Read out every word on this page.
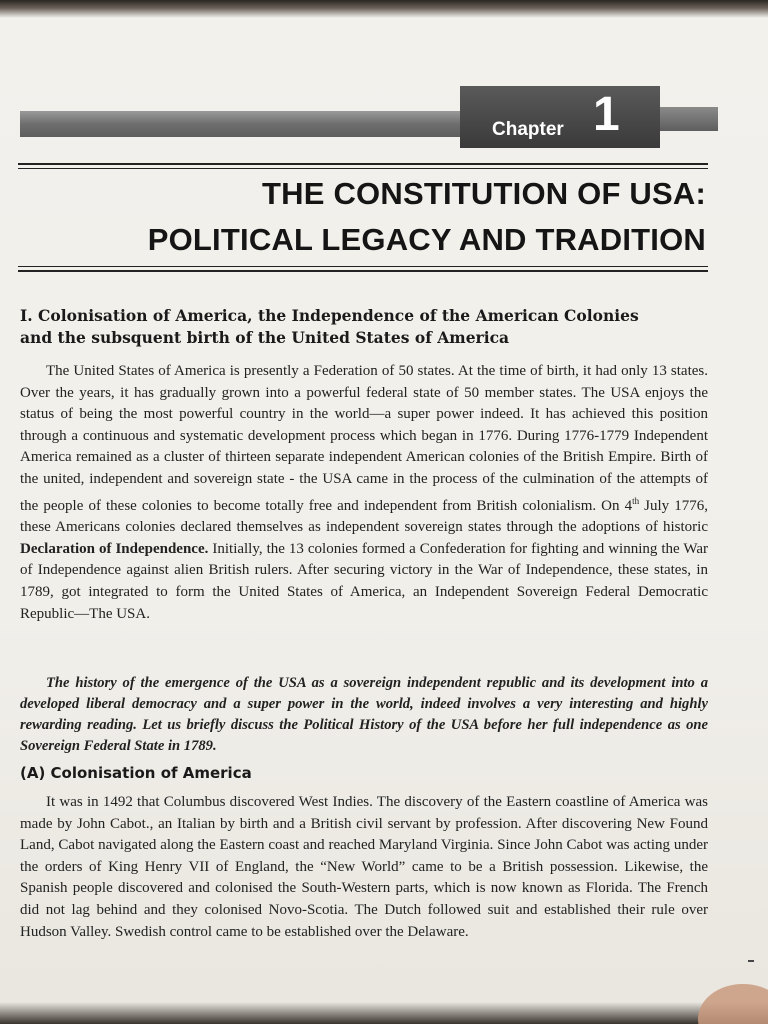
Chapter 1
THE CONSTITUTION OF USA:
POLITICAL LEGACY AND TRADITION
I. Colonisation of America, the Independence of the American Colonies
and the subsquent birth of the United States of America

The United States of America is presently a Federation of 50 states. At the time of birth, it had only 13 states. Over the years, it has gradually grown into a powerful federal state of 50 member states. The USA enjoys the status of being the most powerful country in the world—a super power indeed. It has achieved this position through a continuous and systematic development process which began in 1776. During 1776-1779 Independent America remained as a cluster of thirteen separate independent American colonies of the British Empire. Birth of the united, independent and sovereign state - the USA came in the process of the culmination of the attempts of the people of these colonies to become totally free and independent from British colonialism. On 4th July 1776, these Americans colonies declared themselves as independent sovereign states through the adoptions of historic Declaration of Independence. Initially, the 13 colonies formed a Confederation for fighting and winning the War of Independence against alien British rulers. After securing victory in the War of Independence, these states, in 1789, got integrated to form the United States of America, an Independent Sovereign Federal Democratic Republic—The USA.

The history of the emergence of the USA as a sovereign independent republic and its development into a developed liberal democracy and a super power in the world, indeed involves a very interesting and highly rewarding reading. Let us briefly discuss the Political History of the USA before her full independence as one Sovereign Federal State in 1789.

(A) Colonisation of America

It was in 1492 that Columbus discovered West Indies. The discovery of the Eastern coastline of America was made by John Cabot., an Italian by birth and a British civil servant by profession. After discovering New Found Land, Cabot navigated along the Eastern coast and reached Maryland Virginia. Since John Cabot was acting under the orders of King Henry VII of England, the “New World” came to be a British possession. Likewise, the Spanish people discovered and colonised the South-Western parts, which is now known as Florida. The French did not lag behind and they colonised Novo-Scotia. The Dutch followed suit and established their rule over Hudson Valley. Swedish control came to be established over the Delaware.
